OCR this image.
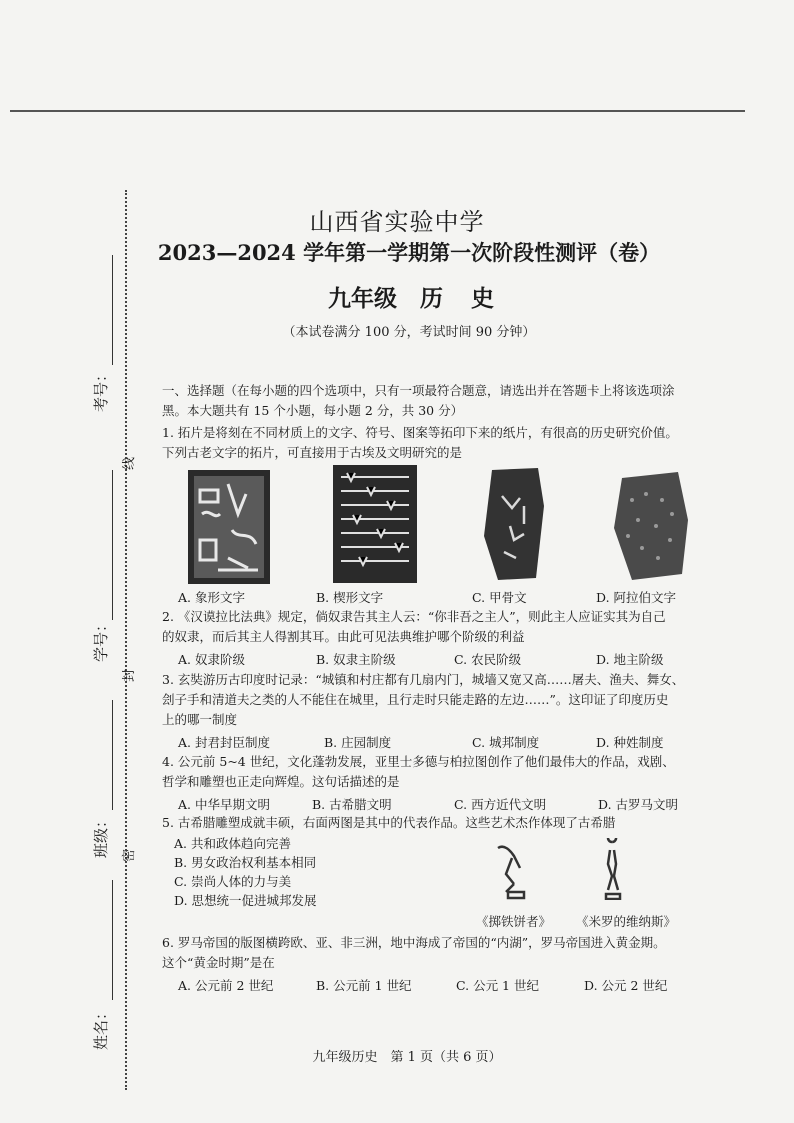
考号：
学号：
班级：
姓名：
线
封
密
山西省实验中学
2023—2024 学年第一学期第一次阶段性测评（卷）
九年级　历 史
（本试卷满分 100 分，考试时间 90 分钟）
一、选择题（在每小题的四个选项中，只有一项最符合题意，请选出并在答题卡上将该选项涂
黑。本大题共有 15 个小题，每小题 2 分，共 30 分）
1. 拓片是将刻在不同材质上的文字、符号、图案等拓印下来的纸片，有很高的历史研究价值。
下列古老文字的拓片，可直接用于古埃及文明研究的是
A. 象形文字	B. 楔形文字	C. 甲骨文	D. 阿拉伯文字
2. 《汉谟拉比法典》规定，倘奴隶告其主人云：“你非吾之主人”，则此主人应证实其为自己
的奴隶，而后其主人得割其耳。由此可见法典维护哪个阶级的利益
A. 奴隶阶级	B. 奴隶主阶级	C. 农民阶级	D. 地主阶级
3. 玄奘游历古印度时记录：“城镇和村庄都有几扇内门，城墙又宽又高……屠夫、渔夫、舞女、
刽子手和清道夫之类的人不能住在城里，且行走时只能走路的左边……”。这印证了印度历史
上的哪一制度
A. 封君封臣制度	B. 庄园制度	C. 城邦制度	D. 种姓制度
4. 公元前 5~4 世纪，文化蓬勃发展，亚里士多德与柏拉图创作了他们最伟大的作品，戏剧、
哲学和雕塑也正走向辉煌。这句话描述的是
A. 中华早期文明	B. 古希腊文明	C. 西方近代文明	D. 古罗马文明
5. 古希腊雕塑成就丰硕，右面两图是其中的代表作品。这些艺术杰作体现了古希腊
A. 共和政体趋向完善
B. 男女政治权利基本相同
C. 崇尚人体的力与美
D. 思想统一促进城邦发展
《掷铁饼者》 《米罗的维纳斯》
6. 罗马帝国的版图横跨欧、亚、非三洲，地中海成了帝国的“内湖”，罗马帝国进入黄金期。
这个“黄金时期”是在
A. 公元前 2 世纪	B. 公元前 1 世纪	C. 公元 1 世纪	D. 公元 2 世纪
九年级历史　第 1 页（共 6 页）
